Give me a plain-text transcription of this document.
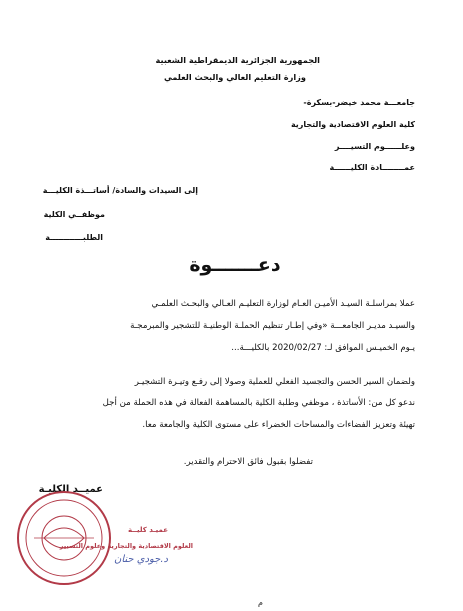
الجمهورية الجزائرية الديمقراطية الشعبية
وزارة التعليم العالي والبحث العلمي
جامعـــة محمد خيضر-بسكرة-
كلية العلوم الاقتصادية والتجارية
وعلــــــوم التسيــــر
عمــــــــادة الكليــــــة
إلى السيدات والسادة/ أساتـــذة الكليـــة
موظفــي الكلية
الطلبــــــــــــة
دعـــــــوة
عملا بمراسلـة السيـد الأميـن العـام لوزارة التعليـم العـالي والبحـث العلمـي
والسيـد مديـر الجامعـــة «وفي إطـار تنظيم الحملـة الوطنيـة للتشجير والمبرمجـة
يـوم الخميـس الموافق لـ: 2020/02/27 بالكليـــة...
ولضمان السير الحسن والتجسيد الفعلي للعملية وصولا إلى رفـع وتيـرة التشجيـر
ندعو كل من: الأساتذة ، موظفي وطلبة الكلية بالمساهمة الفعالة في هذه الحملة من أجل
تهيئة وتعزيز الفضاءات والمساحات الخضراء على مستوى الكلية والجامعة معا.
تفضلوا بقبول فائق الاحترام والتقدير.
عميــد الكليـة
عميـد كليــة
العلوم الاقتصادية والتجارية وعلوم التسيير
د.جودي حنان
م
